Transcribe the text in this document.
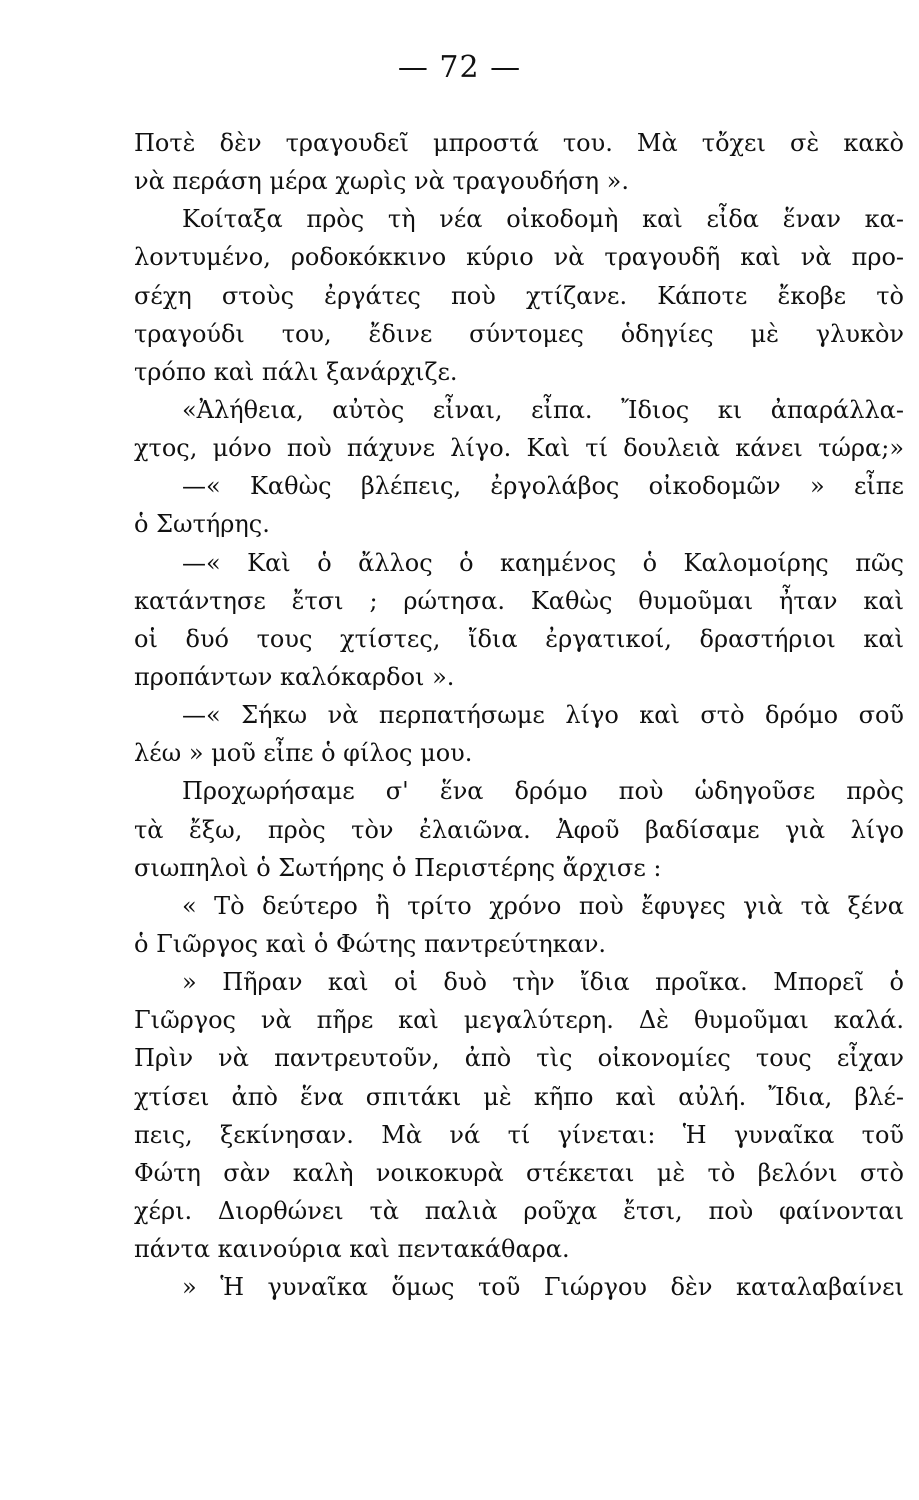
— 72 —
Ποτὲ δὲν τραγουδεῖ μπροστά του. Μὰ τὄχει σὲ κακὸ
νὰ περάση μέρα χωρὶς νὰ τραγουδήση ».
Κοίταξα πρὸς τὴ νέα οἰκοδομὴ καὶ εἶδα ἕναν κα-
λοντυμένο, ροδοκόκκινο κύριο νὰ τραγουδῆ καὶ νὰ προ-
σέχη στοὺς ἐργάτες ποὺ χτίζανε. Κάποτε ἔκοβε τὸ
τραγούδι του, ἔδινε σύντομες ὁδηγίες μὲ γλυκὸν
τρόπο καὶ πάλι ξανάρχιζε.
«Ἀλήθεια, αὐτὸς εἶναι, εἶπα. Ἴδιος κι ἀπαράλλα-
χτος, μόνο ποὺ πάχυνε λίγο. Καὶ τί δουλειὰ κάνει τώρα;»
—« Καθὼς βλέπεις, ἐργολάβος οἰκοδομῶν » εἶπε
ὁ Σωτήρης.
—« Καὶ ὁ ἄλλος ὁ καημένος ὁ Καλομοίρης πῶς
κατάντησε ἔτσι ; ρώτησα. Καθὼς θυμοῦμαι ἦταν καὶ
οἱ δυό τους χτίστες, ἴδια ἐργατικοί, δραστήριοι καὶ
προπάντων καλόκαρδοι ».
—« Σήκω νὰ περπατήσωμε λίγο καὶ στὸ δρόμο σοῦ
λέω » μοῦ εἶπε ὁ φίλος μου.
Προχωρήσαμε σ' ἕνα δρόμο ποὺ ὡδηγοῦσε πρὸς
τὰ ἔξω, πρὸς τὸν ἐλαιῶνα. Ἀφοῦ βαδίσαμε γιὰ λίγο
σιωπηλοὶ ὁ Σωτήρης ὁ Περιστέρης ἄρχισε :
« Τὸ δεύτερο ἢ τρίτο χρόνο ποὺ ἔφυγες γιὰ τὰ ξένα
ὁ Γιῶργος καὶ ὁ Φώτης παντρεύτηκαν.
» Πῆραν καὶ οἱ δυὸ τὴν ἴδια προῖκα. Μπορεῖ ὁ
Γιῶργος νὰ πῆρε καὶ μεγαλύτερη. Δὲ θυμοῦμαι καλά.
Πρὶν νὰ παντρευτοῦν, ἀπὸ τὶς οἰκονομίες τους εἶχαν
χτίσει ἀπὸ ἕνα σπιτάκι μὲ κῆπο καὶ αὐλή. Ἴδια, βλέ-
πεις, ξεκίνησαν. Μὰ νά τί γίνεται: Ἡ γυναῖκα τοῦ
Φώτη σὰν καλὴ νοικοκυρὰ στέκεται μὲ τὸ βελόνι στὸ
χέρι. Διορθώνει τὰ παλιὰ ροῦχα ἔτσι, ποὺ φαίνονται
πάντα καινούρια καὶ πεντακάθαρα.
» Ἡ γυναῖκα ὅμως τοῦ Γιώργου δὲν καταλαβαίνει
